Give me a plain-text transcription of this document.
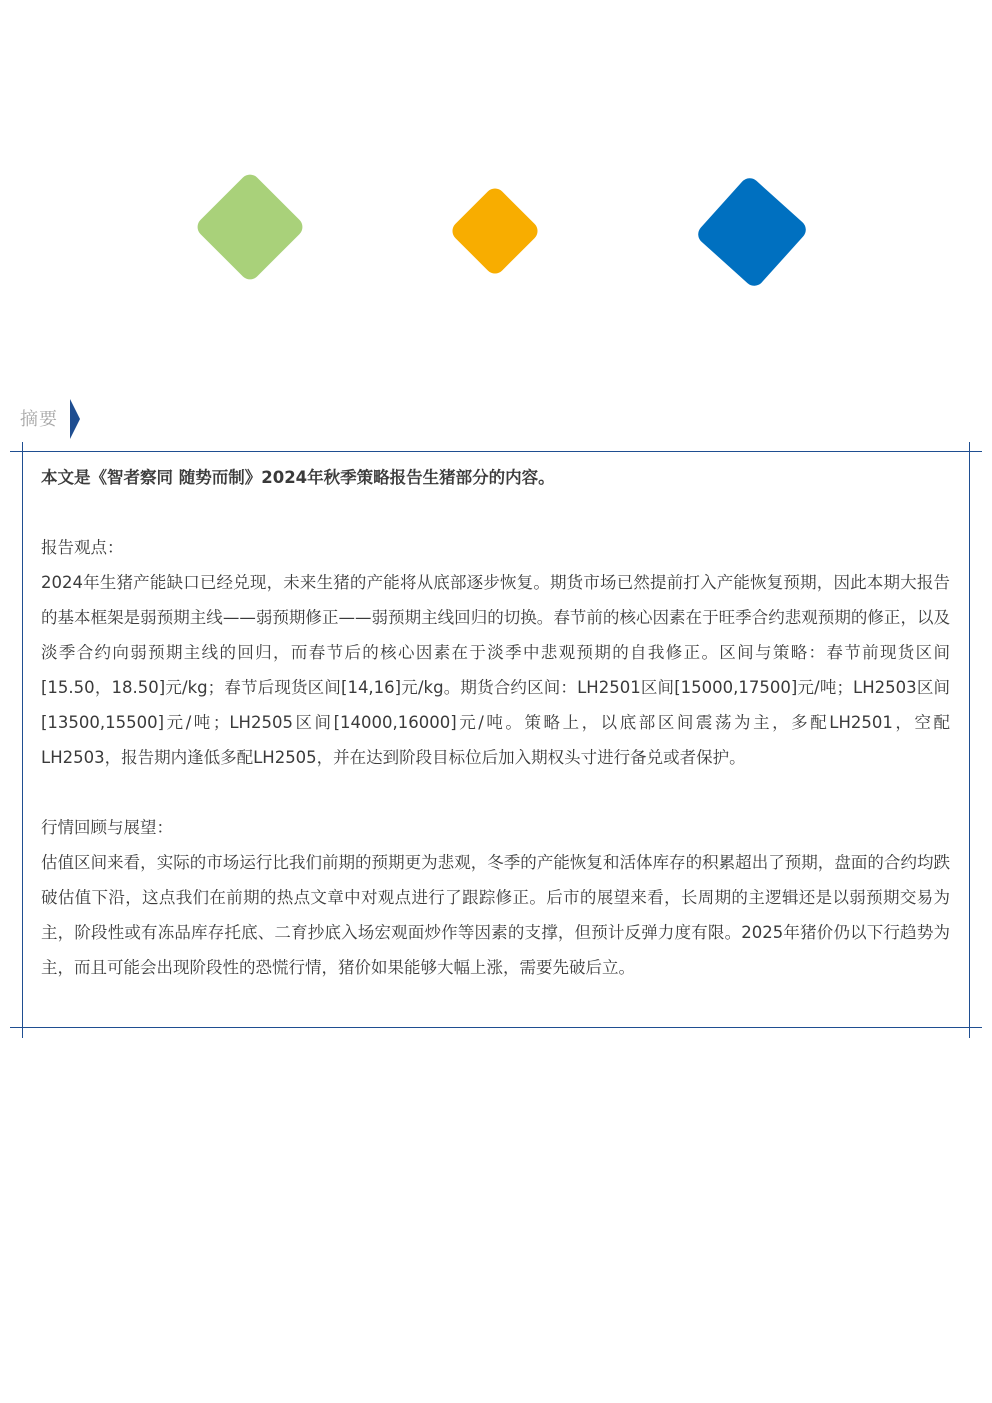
摘要

本文是《智者察同 随势而制》2024年秋季策略报告生猪部分的内容。

报告观点：

2024年生猪产能缺口已经兑现，未来生猪的产能将从底部逐步恢复。期货市场已然提前打入产能恢复预期，因此本期大报告的基本框架是弱预期主线——弱预期修正——弱预期主线回归的切换。春节前的核心因素在于旺季合约悲观预期的修正，以及淡季合约向弱预期主线的回归，而春节后的核心因素在于淡季中悲观预期的自我修正。区间与策略：春节前现货区间[15.50，18.50]元/kg；春节后现货区间[14,16]元/kg。期货合约区间：LH2501区间[15000,17500]元/吨；LH2503区间[13500,15500]元/吨；LH2505区间[14000,16000]元/吨。策略上，以底部区间震荡为主，多配LH2501，空配LH2503，报告期内逢低多配LH2505，并在达到阶段目标位后加入期权头寸进行备兑或者保护。

行情回顾与展望：

估值区间来看，实际的市场运行比我们前期的预期更为悲观，冬季的产能恢复和活体库存的积累超出了预期，盘面的合约均跌破估值下沿，这点我们在前期的热点文章中对观点进行了跟踪修正。后市的展望来看，长周期的主逻辑还是以弱预期交易为主，阶段性或有冻品库存托底、二育抄底入场宏观面炒作等因素的支撑，但预计反弹力度有限。2025年猪价仍以下行趋势为主，而且可能会出现阶段性的恐慌行情，猪价如果能够大幅上涨，需要先破后立。
